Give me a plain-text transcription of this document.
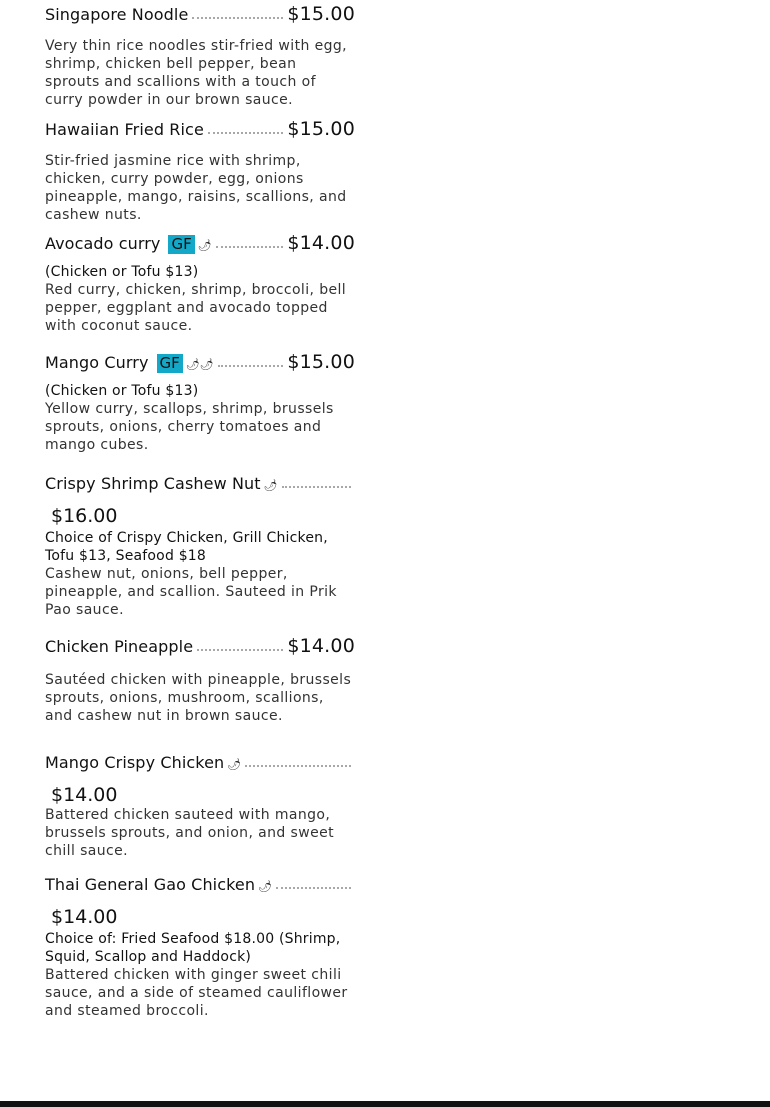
Singapore Noodle	$15.00
Very thin rice noodles stir-fried with egg, shrimp, chicken bell pepper, bean sprouts and scallions with a touch of curry powder in our brown sauce.
Hawaiian Fried Rice	$15.00
Stir-fried jasmine rice with shrimp, chicken, curry powder, egg, onions pineapple, mango, raisins, scallions, and cashew nuts.
Avocado curry GF 🌶	$14.00
(Chicken or Tofu $13)
Red curry, chicken, shrimp, broccoli, bell pepper, eggplant and avocado topped with coconut sauce.
Mango Curry GF 🌶🌶	$15.00
(Chicken or Tofu $13)
Yellow curry, scallops, shrimp, brussels sprouts, onions, cherry tomatoes and mango cubes.
Crispy Shrimp Cashew Nut 🌶
$16.00
Choice of Crispy Chicken, Grill Chicken, Tofu $13, Seafood $18
Cashew nut, onions, bell pepper, pineapple, and scallion. Sauteed in Prik Pao sauce.
Chicken Pineapple	$14.00
Sautéed chicken with pineapple, brussels sprouts, onions, mushroom, scallions, and cashew nut in brown sauce.
Mango Crispy Chicken 🌶
$14.00
Battered chicken sauteed with mango, brussels sprouts, and onion, and sweet chill sauce.
Thai General Gao Chicken 🌶
$14.00
Choice of: Fried Seafood $18.00 (Shrimp, Squid, Scallop and Haddock)
Battered chicken with ginger sweet chili sauce, and a side of steamed cauliflower and steamed broccoli.
